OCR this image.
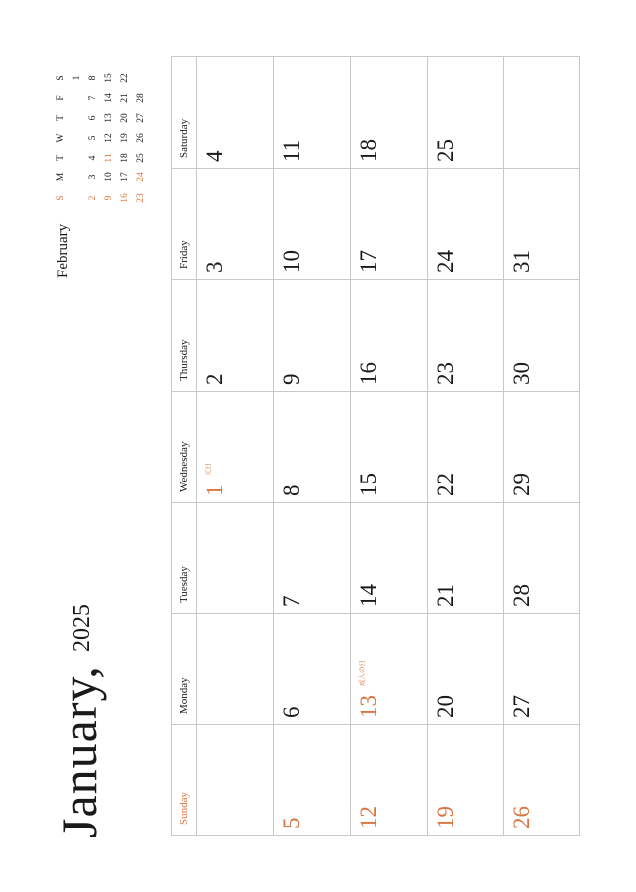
January,
2025
February
S
M
T
W
T
F
S 1
2
3
4
5
6
7
8
9
10
11
12
13
14
15
16
17
18
19
20
21
22
23
24
25
26
27
28
Sunday
Monday
Tuesday
Wednesday
Thursday
Friday
Saturday
1
元日
2
3
4
5
6
7
8
9
10
11
12
13
成人の日
14
15
16
17
18
19
20
21
22
23
24
25
26
27
28
29
30
31
